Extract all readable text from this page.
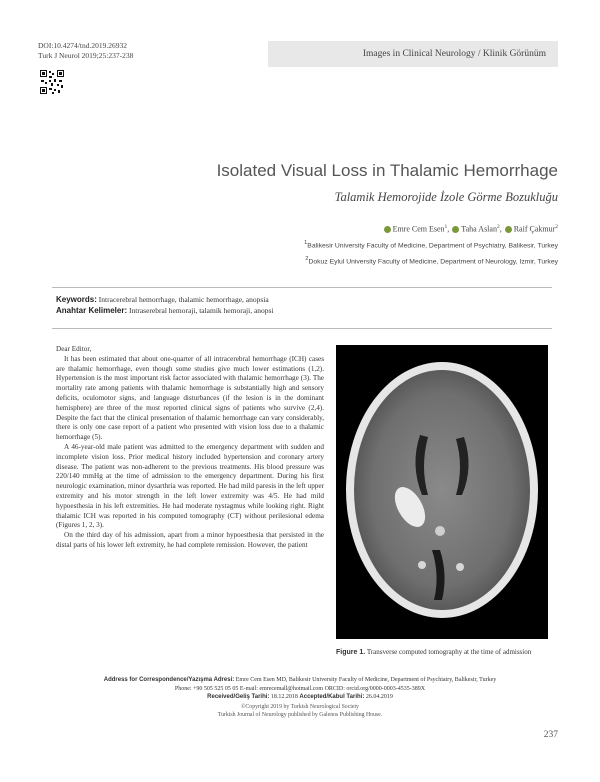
DOI:10.4274/tnd.2019.26932
Turk J Neurol 2019;25:237-238	Images in Clinical Neurology / Klinik Görünüm
Isolated Visual Loss in Thalamic Hemorrhage
Talamik Hemorojide İzole Görme Bozukluğu
Emre Cem Esen$^1$,	Taha Aslan$^2$,	Raif Çakmur$^2$
$^1$Balikesir University Faculty of Medicine, Department of Psychiatry, Balikesir, Turkey
$^2$Dokuz Eylul University Faculty of Medicine, Department of Neurology, Izmir, Turkey
Keywords: Intracerebral hemorrhage, thalamic hemorrhage, anopsia
Anahtar Kelimeler: Intraserebral hemoraji, talamik hemoraji, anopsi

Dear Editor,

It has been estimated that about one-quarter of all intracerebral hemorrhage (ICH) cases are thalamic hemorrhage, even though some studies give much lower estimations (1,2). Hypertension is the most important risk factor associated with thalamic hemorrhage (3). The mortality rate among patients with thalamic hemorrhage is substantially high and sensory deficits, oculomotor signs, and language disturbances (if the lesion is in the dominant hemisphere) are three of the most reported clinical signs of patients who survive (2,4). Despite the fact that the clinical presentation of thalamic hemorrhage can vary considerably, there is only one case report of a patient who presented with vision loss due to a thalamic hemorrhage (5).

A 46-year-old male patient was admitted to the emergency department with sudden and incomplete vision loss. Prior medical history included hypertension and coronary artery disease. The patient was non-adherent to the previous treatments. His blood pressure was 220/140 mmHg at the time of admission to the emergency department. During his first neurologic examination, minor dysarthria was reported. He had mild paresis in the left upper extremity and his motor strength in the left lower extremity was 4/5. He had mild hypoesthesia in his left extremities. He had moderate nystagmus while looking right. Right thalamic ICH was reported in his computed tomography (CT) without perilesional edema (Figures 1, 2, 3).

On the third day of his admission, apart from a minor hypoesthesia that persisted in the distal parts of his lower left extremity, he had complete remission. However, the patient

Figure 1. Transverse computed tomography at the time of admission
Address for Correspondence/Yazışma Adresi: Emre Cem Esen MD, Balikesir University Faculty of Medicine, Department of Psychiatry, Balikesir, Turkey
Phone: +90 505 525 05 05 E-mail: emrecemall@hotmail.com ORCID: orcid.org/0000-0003-4535-389X
Received/Geliş Tarihi: 18.12.2018 Accepted/Kabul Tarihi: 26.04.2019
©Copyright 2019 by Turkish Neurological Society
Turkish Journal of Neurology published by Galenos Publishing House.
237
